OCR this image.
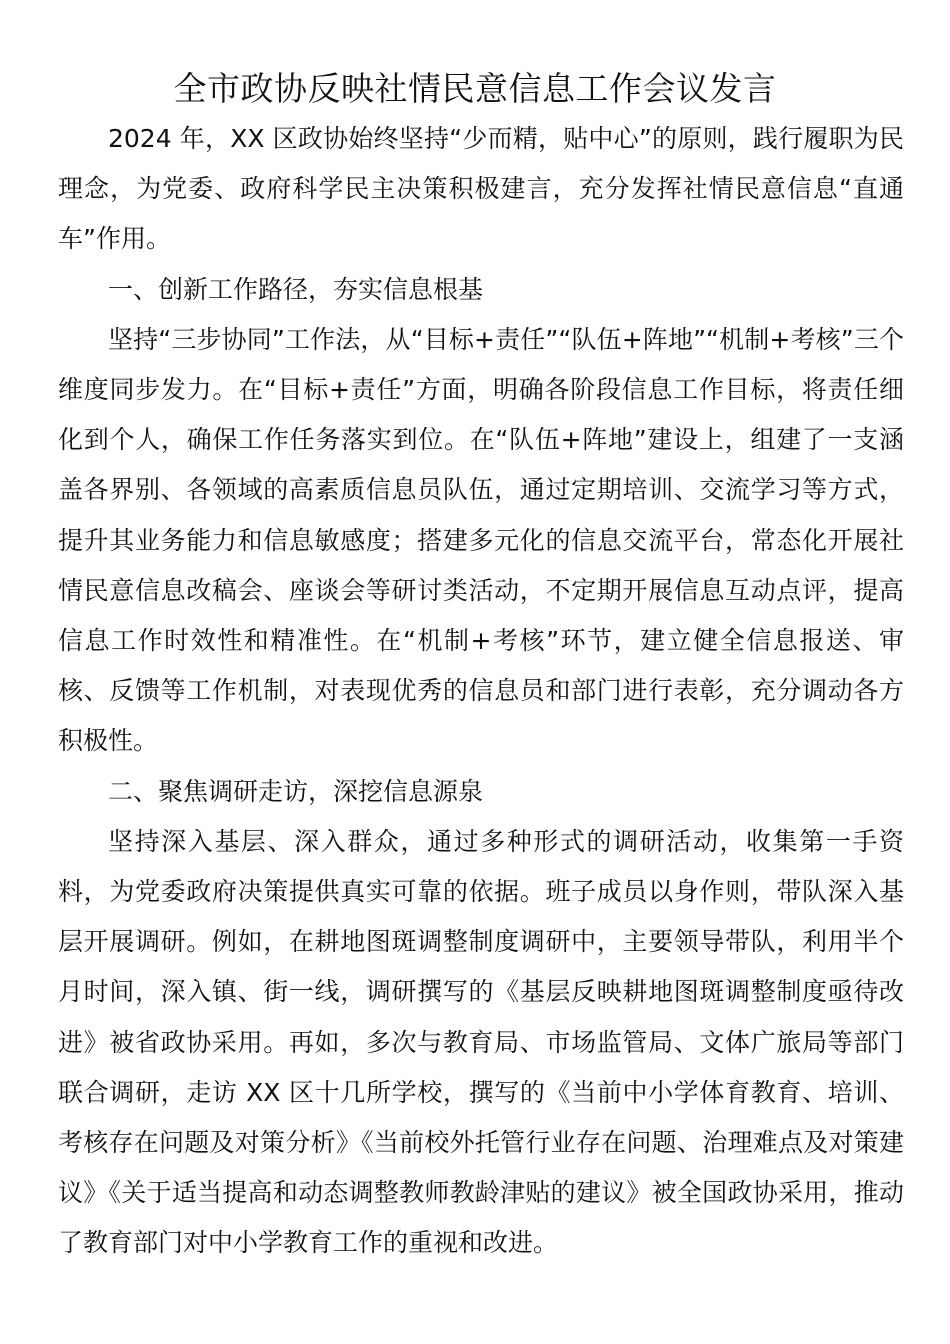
全市政协反映社情民意信息工作会议发言

2024 年，XX 区政协始终坚持“少而精，贴中心”的原则，践行履职为民理念，为党委、政府科学民主决策积极建言，充分发挥社情民意信息“直通车”作用。

一、创新工作路径，夯实信息根基

坚持“三步协同”工作法，从“目标+责任”“队伍+阵地”“机制+考核”三个维度同步发力。在“目标+责任”方面，明确各阶段信息工作目标，将责任细化到个人，确保工作任务落实到位。在“队伍+阵地”建设上，组建了一支涵盖各界别、各领域的高素质信息员队伍，通过定期培训、交流学习等方式，提升其业务能力和信息敏感度；搭建多元化的信息交流平台，常态化开展社情民意信息改稿会、座谈会等研讨类活动，不定期开展信息互动点评，提高信息工作时效性和精准性。在“机制+考核”环节，建立健全信息报送、审核、反馈等工作机制，对表现优秀的信息员和部门进行表彰，充分调动各方积极性。

二、聚焦调研走访，深挖信息源泉

坚持深入基层、深入群众，通过多种形式的调研活动，收集第一手资料，为党委政府决策提供真实可靠的依据。班子成员以身作则，带队深入基层开展调研。例如，在耕地图斑调整制度调研中，主要领导带队，利用半个月时间，深入镇、街一线，调研撰写的《基层反映耕地图斑调整制度亟待改进》被省政协采用。再如，多次与教育局、市场监管局、文体广旅局等部门联合调研，走访 XX 区十几所学校，撰写的《当前中小学体育教育、培训、考核存在问题及对策分析》《当前校外托管行业存在问题、治理难点及对策建议》《关于适当提高和动态调整教师教龄津贴的建议》被全国政协采用，推动了教育部门对中小学教育工作的重视和改进。
